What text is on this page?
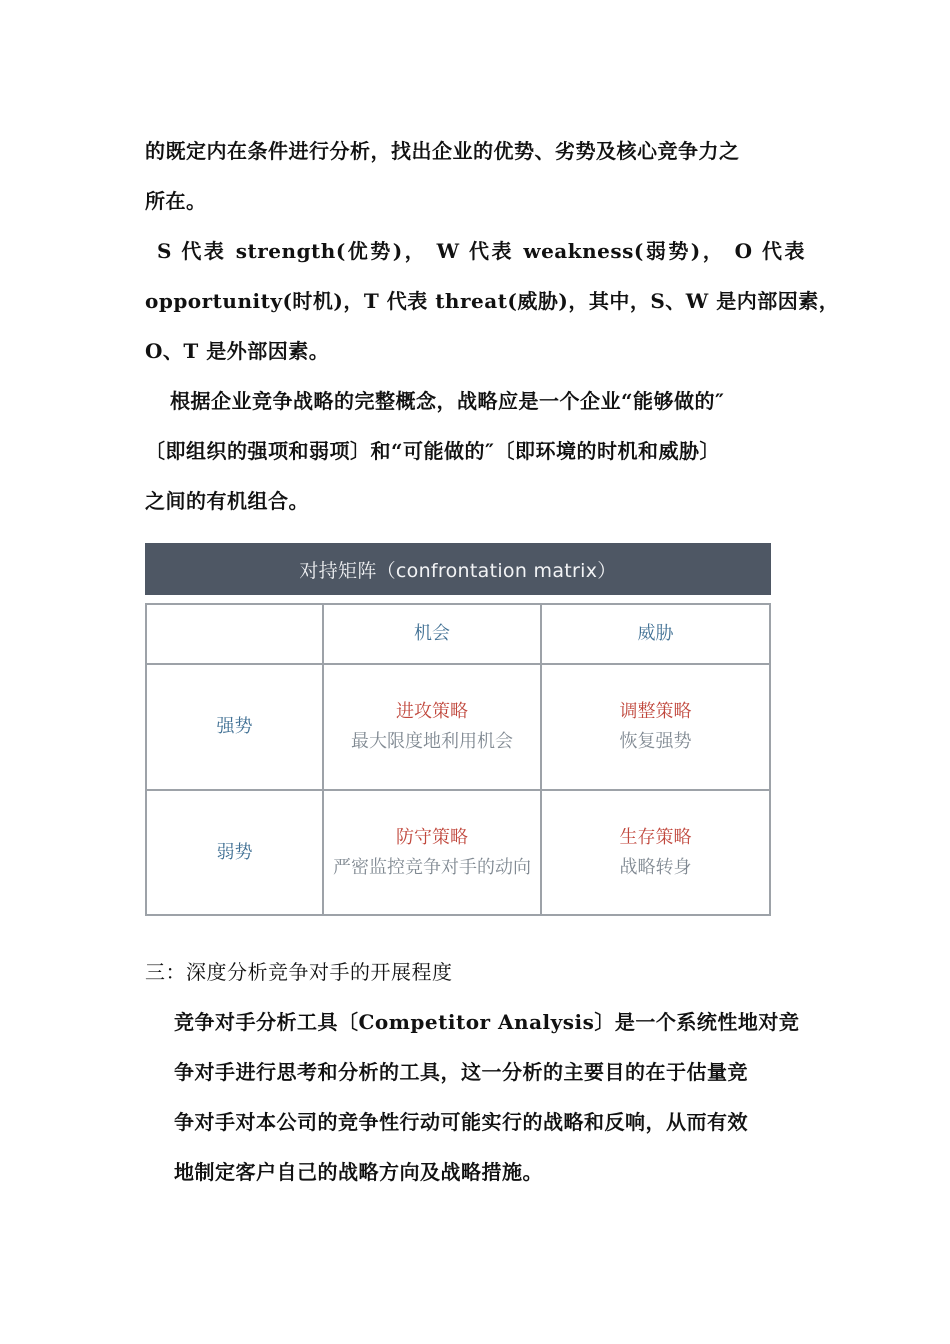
的既定内在条件进行分析，找出企业的优势、劣势及核心竞争力之
所在。
S 代表 strength(优势)， W 代表 weakness(弱势)， O 代表
opportunity(时机)，T 代表 threat(威胁)，其中，S、W 是内部因素，
O、T 是外部因素。
根据企业竞争战略的完整概念，战略应是一个企业“能够做的″
〔即组织的强项和弱项〕和“可能做的″〔即环境的时机和威胁〕
之间的有机组合。
对持矩阵（confrontation matrix）
机会	威胁
强势
进攻策略
最大限度地利用机会
调整策略
恢复强势
弱势
防守策略
严密监控竞争对手的动向
生存策略
战略转身
三：深度分析竞争对手的开展程度
竞争对手分析工具〔Competitor Analysis〕是一个系统性地对竞
争对手进行思考和分析的工具，这一分析的主要目的在于估量竞
争对手对本公司的竞争性行动可能实行的战略和反响，从而有效
地制定客户自己的战略方向及战略措施。
